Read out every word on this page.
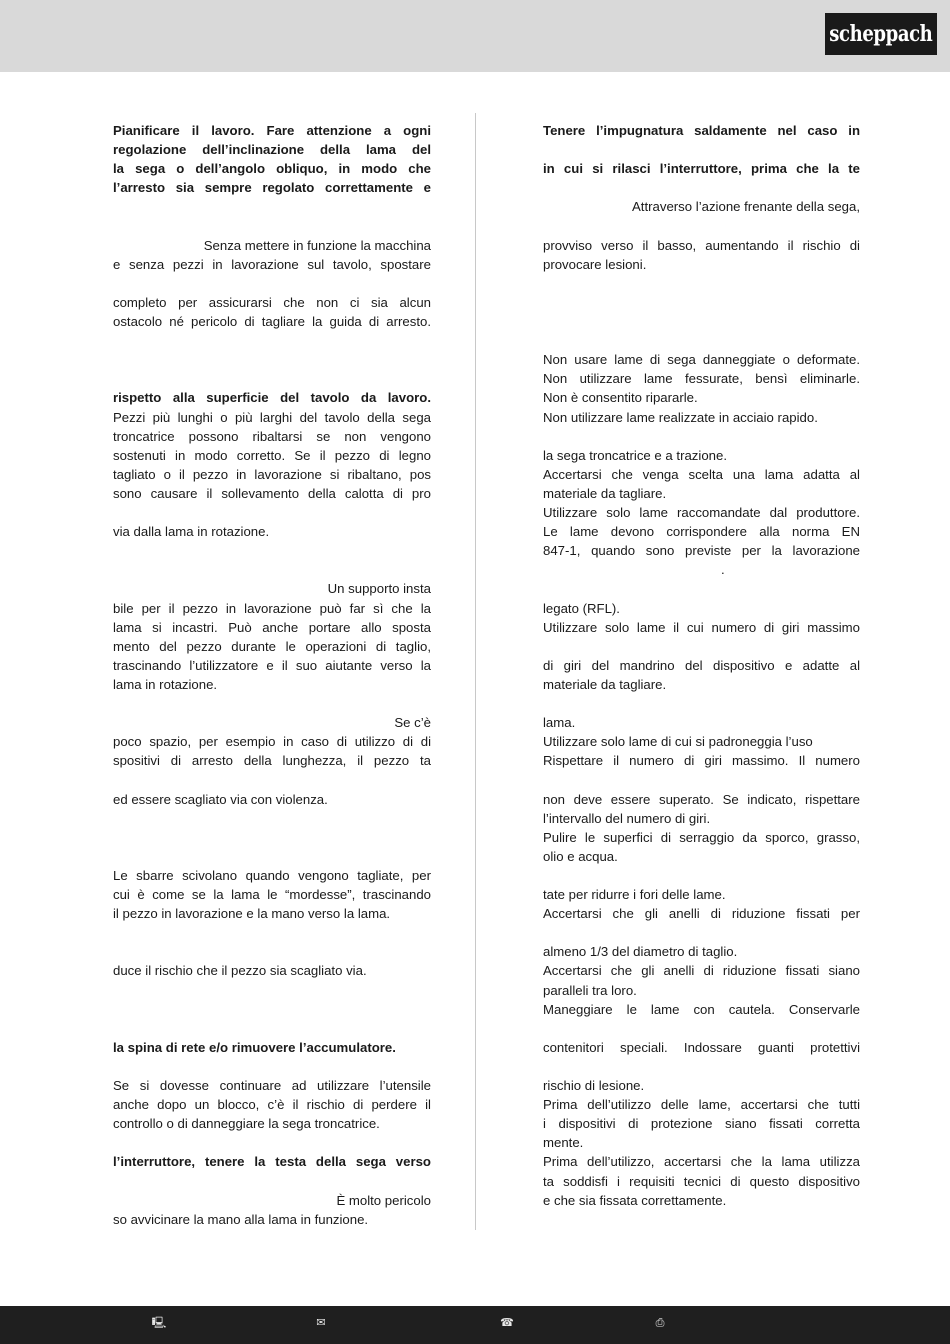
scheppach
Pianificare il lavoro. Fare attenzione a ogni
regolazione dell’inclinazione della lama del
la sega o dell’angolo obliquo, in modo che
l’arresto sia sempre regolato correttamente e
Senza mettere in funzione la macchina
e senza pezzi in lavorazione sul tavolo, spostare
completo per assicurarsi che non ci sia alcun
ostacolo né pericolo di tagliare la guida di arresto.
rispetto alla superficie del tavolo da lavoro.
Pezzi più lunghi o più larghi del tavolo della sega
troncatrice possono ribaltarsi se non vengono
sostenuti in modo corretto. Se il pezzo di legno
tagliato o il pezzo in lavorazione si ribaltano, pos
sono causare il sollevamento della calotta di pro
via dalla lama in rotazione.
Un supporto insta
bile per il pezzo in lavorazione può far sì che la
lama si incastri. Può anche portare allo sposta
mento del pezzo durante le operazioni di taglio,
trascinando l’utilizzatore e il suo aiutante verso la
lama in rotazione.
Se c’è
poco spazio, per esempio in caso di utilizzo di di
spositivi di arresto della lunghezza, il pezzo ta
ed essere scagliato via con violenza.
Le sbarre scivolano quando vengono tagliate, per
cui è come se la lama le “mordesse”, trascinando
il pezzo in lavorazione e la mano verso la lama.
duce il rischio che il pezzo sia scagliato via.
la spina di rete e/o rimuovere l’accumulatore.
Se si dovesse continuare ad utilizzare l’utensile
anche dopo un blocco, c’è il rischio di perdere il
controllo o di danneggiare la sega troncatrice.
l’interruttore, tenere la testa della sega verso
È molto pericolo
so avvicinare la mano alla lama in funzione.
Tenere l’impugnatura saldamente nel caso in
in cui si rilasci l’interruttore, prima che la te
Attraverso l’azione frenante della sega,
provviso verso il basso, aumentando il rischio di
provocare lesioni.
Non usare lame di sega danneggiate o deformate.
Non utilizzare lame fessurate, bensì eliminarle.
Non è consentito ripararle.
Non utilizzare lame realizzate in acciaio rapido.
la sega troncatrice e a trazione.
Accertarsi che venga scelta una lama adatta al
materiale da tagliare.
Utilizzare solo lame raccomandate dal produttore.
Le lame devono corrispondere alla norma EN
847-1, quando sono previste per la lavorazione
.
legato (RFL).
Utilizzare solo lame il cui numero di giri massimo
di giri del mandrino del dispositivo e adatte al
materiale da tagliare.
lama.
Utilizzare solo lame di cui si padroneggia l’uso
Rispettare il numero di giri massimo. Il numero
non deve essere superato. Se indicato, rispettare
l’intervallo del numero di giri.
Pulire le superfici di serraggio da sporco, grasso,
olio e acqua.
tate per ridurre i fori delle lame.
Accertarsi che gli anelli di riduzione fissati per
almeno 1/3 del diametro di taglio.
Accertarsi che gli anelli di riduzione fissati siano
paralleli tra loro.
Maneggiare le lame con cautela. Conservarle
contenitori speciali. Indossare guanti protettivi
rischio di lesione.
Prima dell’utilizzo delle lame, accertarsi che tutti
i dispositivi di protezione siano fissati corretta
mente.
Prima dell’utilizzo, accertarsi che la lama utilizza
ta soddisfi i requisiti tecnici di questo dispositivo
e che sia fissata correttamente.
🖳	✉	☎	⎙
